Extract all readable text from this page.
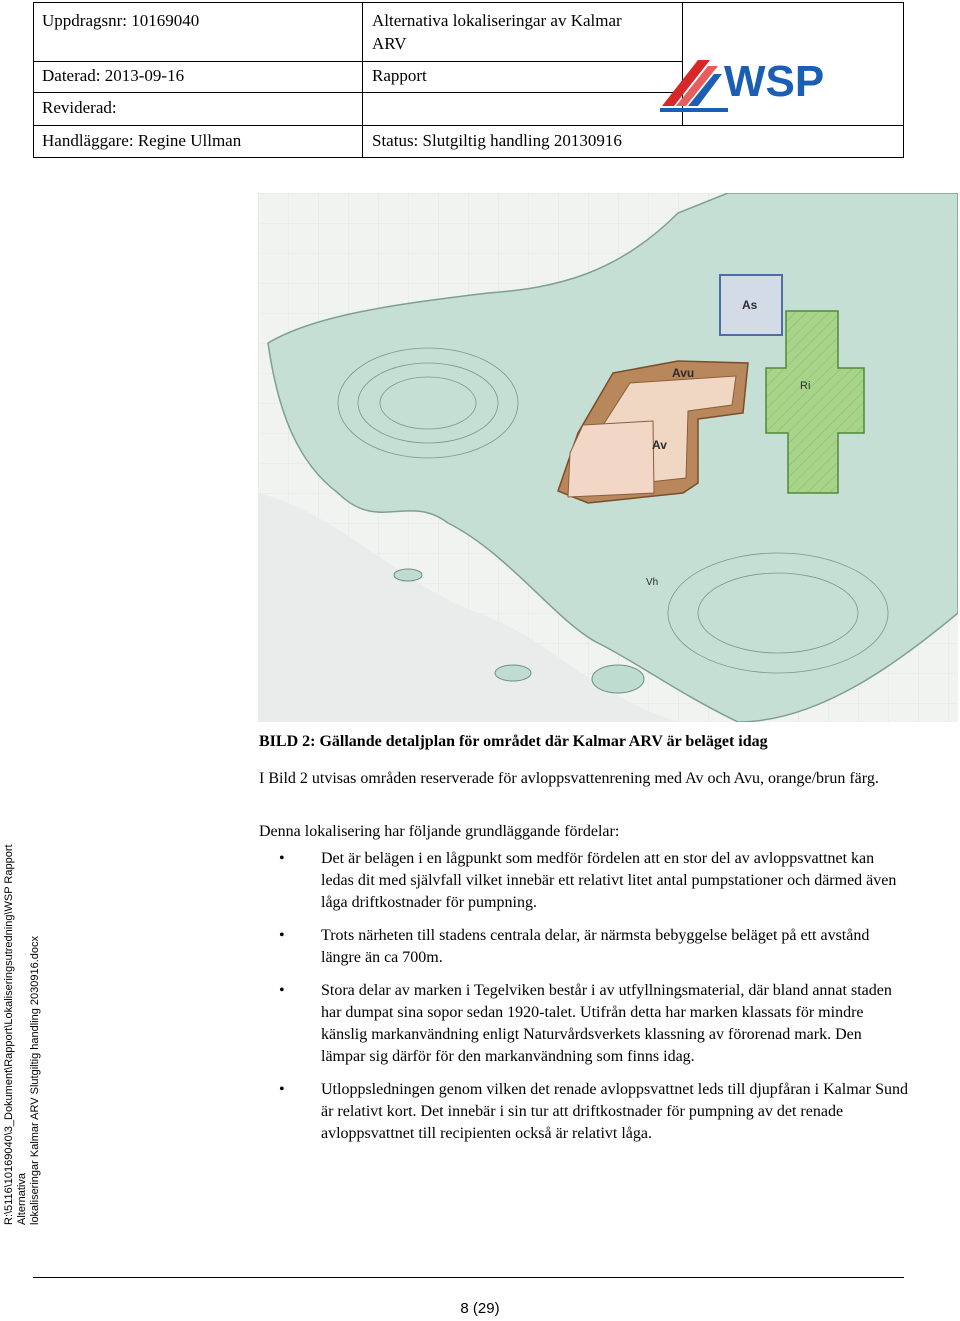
Uppdragsnr: 10169040	Alternativa lokaliseringar av Kalmar
ARV
Daterad: 2013-09-16	Rapport
Reviderad:
Handläggare: Regine Ullman	Status: Slutgiltig handling 20130916
WSP
As
Avu
Av
Ri
Vh
R:\5116\10169040\3_Dokument\Rapport\Lokaliseringsutredning\WSP Rapport Alternativa lokaliseringar Kalmar ARV Slutgiltig handling 2030916.docx
BILD 2: Gällande detaljplan för området där Kalmar ARV är beläget idag
I Bild 2 utvisas områden reserverade för avloppsvattenrening med Av och Avu, orange/brun färg.
Denna lokalisering har följande grundläggande fördelar:
• Det är belägen i en lågpunkt som medför fördelen att en stor del av avloppsvattnet kan ledas dit med självfall vilket innebär ett relativt litet antal pumpstationer och därmed även låga driftkostnader för pumpning.
• Trots närheten till stadens centrala delar, är närmsta bebyggelse beläget på ett avstånd längre än ca 700m.
• Stora delar av marken i Tegelviken består i av utfyllningsmaterial, där bland annat staden har dumpat sina sopor sedan 1920-talet. Utifrån detta har marken klassats för mindre känslig markanvändning enligt Naturvårdsverkets klassning av förorenad mark. Den lämpar sig därför för den markanvändning som finns idag.
• Utloppsledningen genom vilken det renade avloppsvattnet leds till djupfåran i Kalmar Sund är relativt kort. Det innebär i sin tur att driftkostnader för pumpning av det renade avloppsvattnet till recipienten också är relativt låga.
8 (29)
